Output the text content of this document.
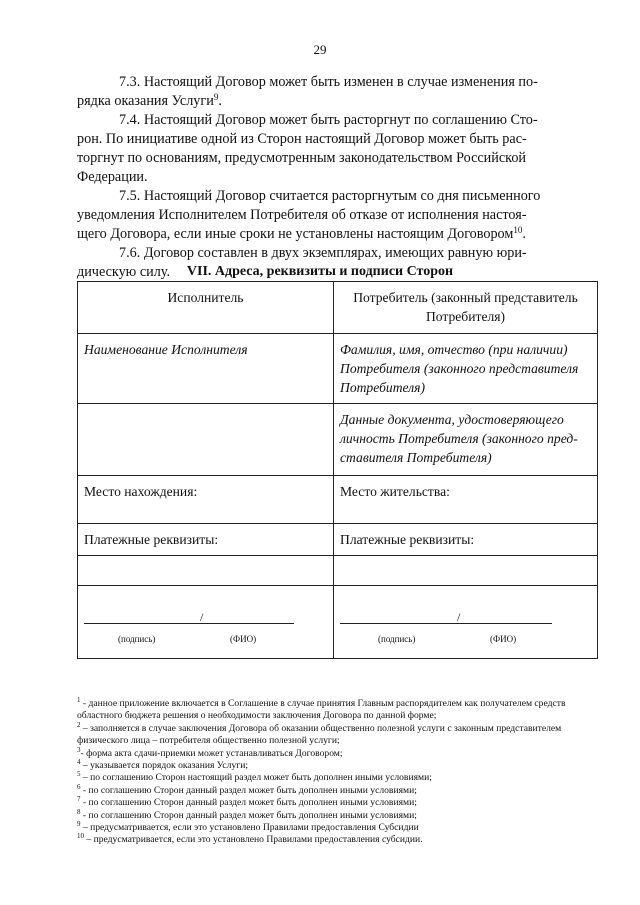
29
7.3. Настоящий Договор может быть изменен в случае изменения по-
рядка оказания Услуги$^9$.
7.4. Настоящий Договор может быть расторгнут по соглашению Сто-
рон. По инициативе одной из Сторон настоящий Договор может быть рас-
торгнут по основаниям, предусмотренным законодательством Российской
Федерации.
7.5. Настоящий Договор считается расторгнутым со дня письменного
уведомления Исполнителем Потребителя об отказе от исполнения настоя-
щего Договора, если иные сроки не установлены настоящим Договором$^{10}$.
7.6. Договор составлен в двух экземплярах, имеющих равную юри-
дическую силу.	VII. Адреса, реквизиты и подписи Сторон
Исполнитель	Потребитель (законный представитель Потребителя)
Наименование Исполнителя	Фамилия, имя, отчество (при наличии) Потребителя (законного представителя Потребителя)
	Данные документа, удостоверяющего личность Потребителя (законного пред-ставителя Потребителя)
Место нахождения:	Место жительства:
Платежные реквизиты:	Платежные реквизиты:

/
(подпись) (ФИО)	/
(подпись) (ФИО)

$^1$ - данное приложение включается в Соглашение в случае принятия Главным распорядителем как получателем средств областного бюджета решения о необходимости заключения Договора по данной форме;

$^2$ – заполняется в случае заключения Договора об оказании общественно полезной услуги с законным представителем физического лица – потребителя общественно полезной услуги;

$^3$- форма акта сдачи-приемки может устанавливаться Договором;

$^4$ – указывается порядок оказания Услуги;

$^5$ – по соглашению Сторон настоящий раздел может быть дополнен иными условиями;

$^6$ - по соглашению Сторон данный раздел может быть дополнен иными условиями;

$^7$ - по соглашению Сторон данный раздел может быть дополнен иными условиями;

$^8$ - по соглашению Сторон данный раздел может быть дополнен иными условиями;

$^9$ – предусматривается, если это установлено Правилами предоставления Субсидии

$^{10}$ – предусматривается, если это установлено Правилами предоставления субсидии.
